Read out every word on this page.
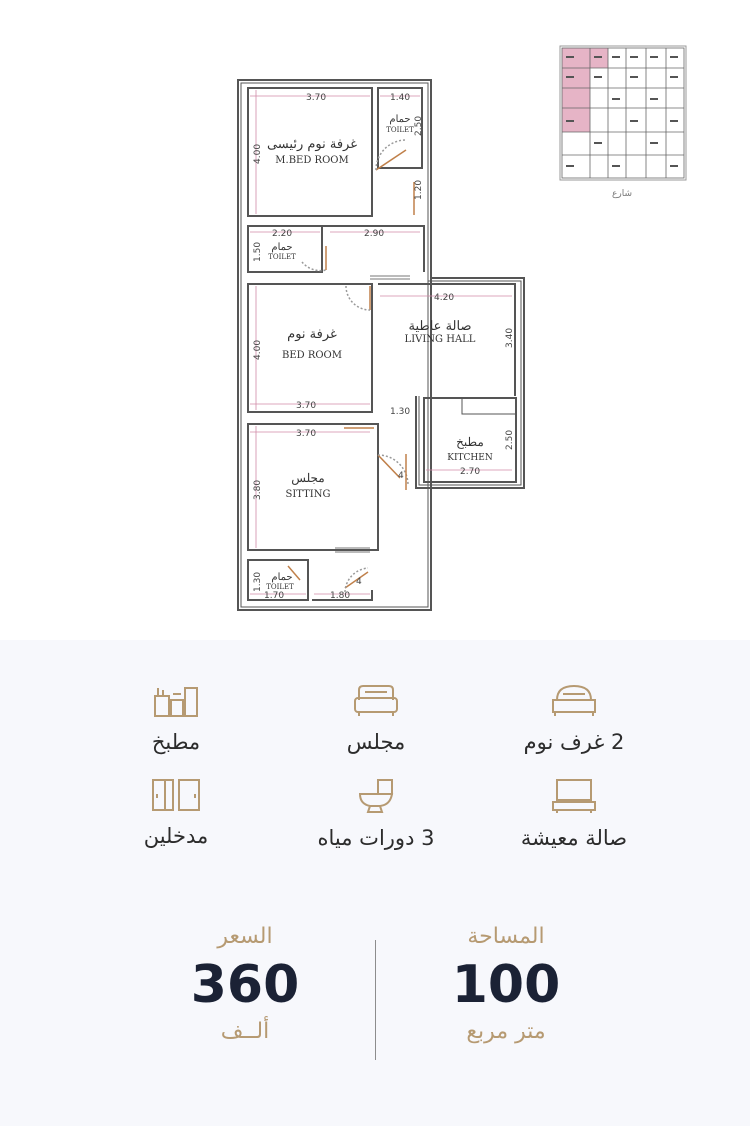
غرفة نوم رئيسى
M.BED ROOM
حمام
TOILET
حمام
TOILET
غرفة نوم
BED ROOM
صالة عاطية
LIVING HALL
مطبخ
KITCHEN
مجلس
SITTING
حمام
TOILET
3.70	1.40
2.50
4.00
1.20
2.20	2.90
1.50
4.20
3.40
4.00
3.70
1.30
3.70	2.50
2.70
3.80
4
1.30
1.70	1.80
4
شارع
مطبخ	مجلس	2 غرف نوم
مدخلين	3 دورات مياه	صالة معيشة
السعر
360
ألــف
المساحة
100
متر مربع
